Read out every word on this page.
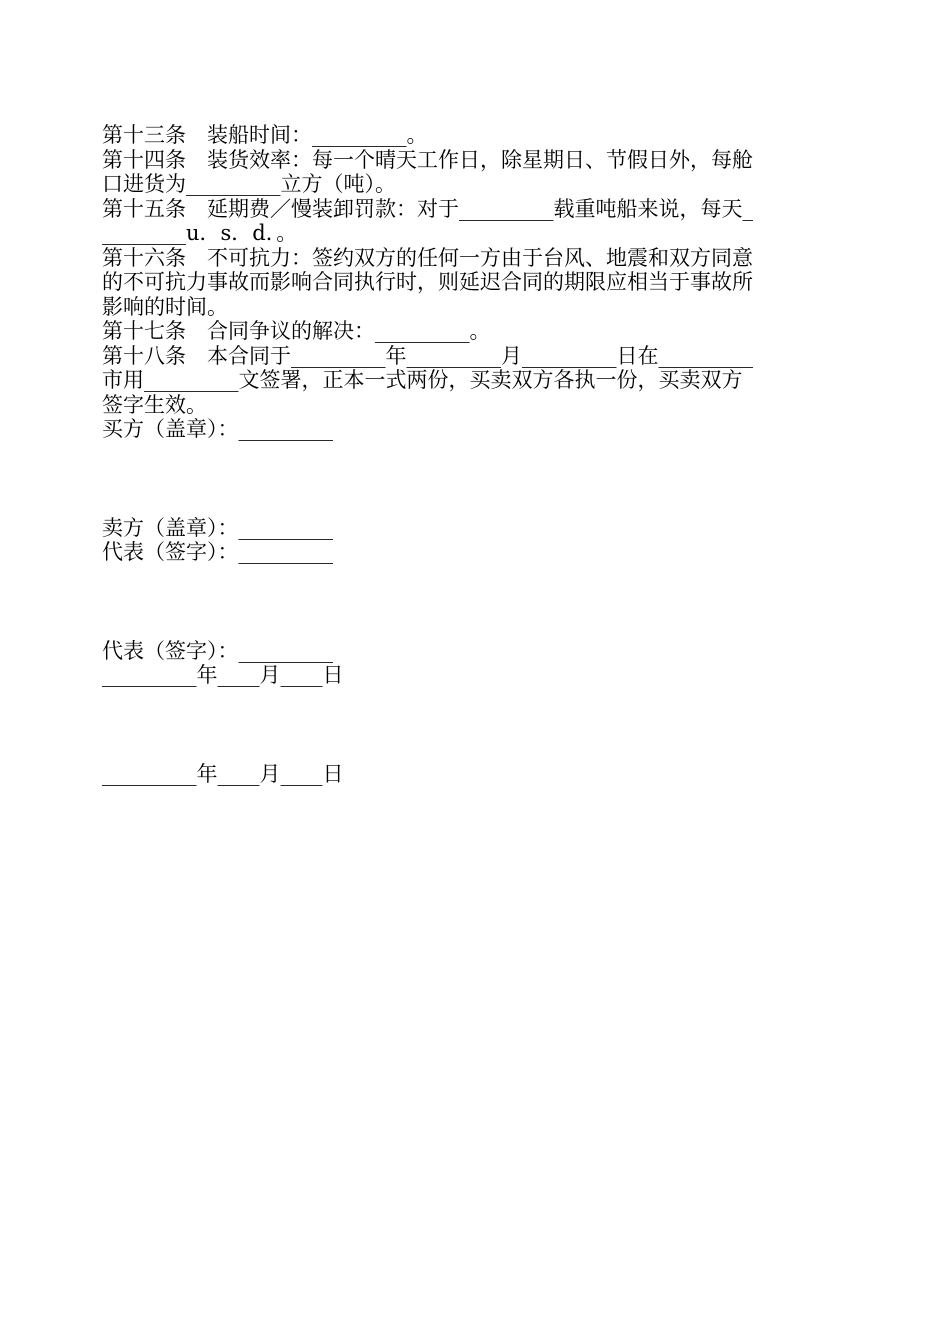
第十三条　装船时间：_________。
第十四条　装货效率：每一个晴天工作日，除星期日、节假日外，每舱
口进货为_________立方（吨）。
第十五条　延期费／慢装卸罚款：对于_________载重吨船来说，每天_
________u．s．d．。
第十六条　不可抗力：签约双方的任何一方由于台风、地震和双方同意
的不可抗力事故而影响合同执行时，则延迟合同的期限应相当于事故所
影响的时间。
第十七条　合同争议的解决：_________。
第十八条　本合同于_________年_________月_________日在_________
市用_________文签署，正本一式两份，买卖双方各执一份，买卖双方
签字生效。
买方（盖章）：_________
卖方（盖章）：_________
代表（签字）：_________
代表（签字）：_________
_________年____月____日
_________年____月____日
